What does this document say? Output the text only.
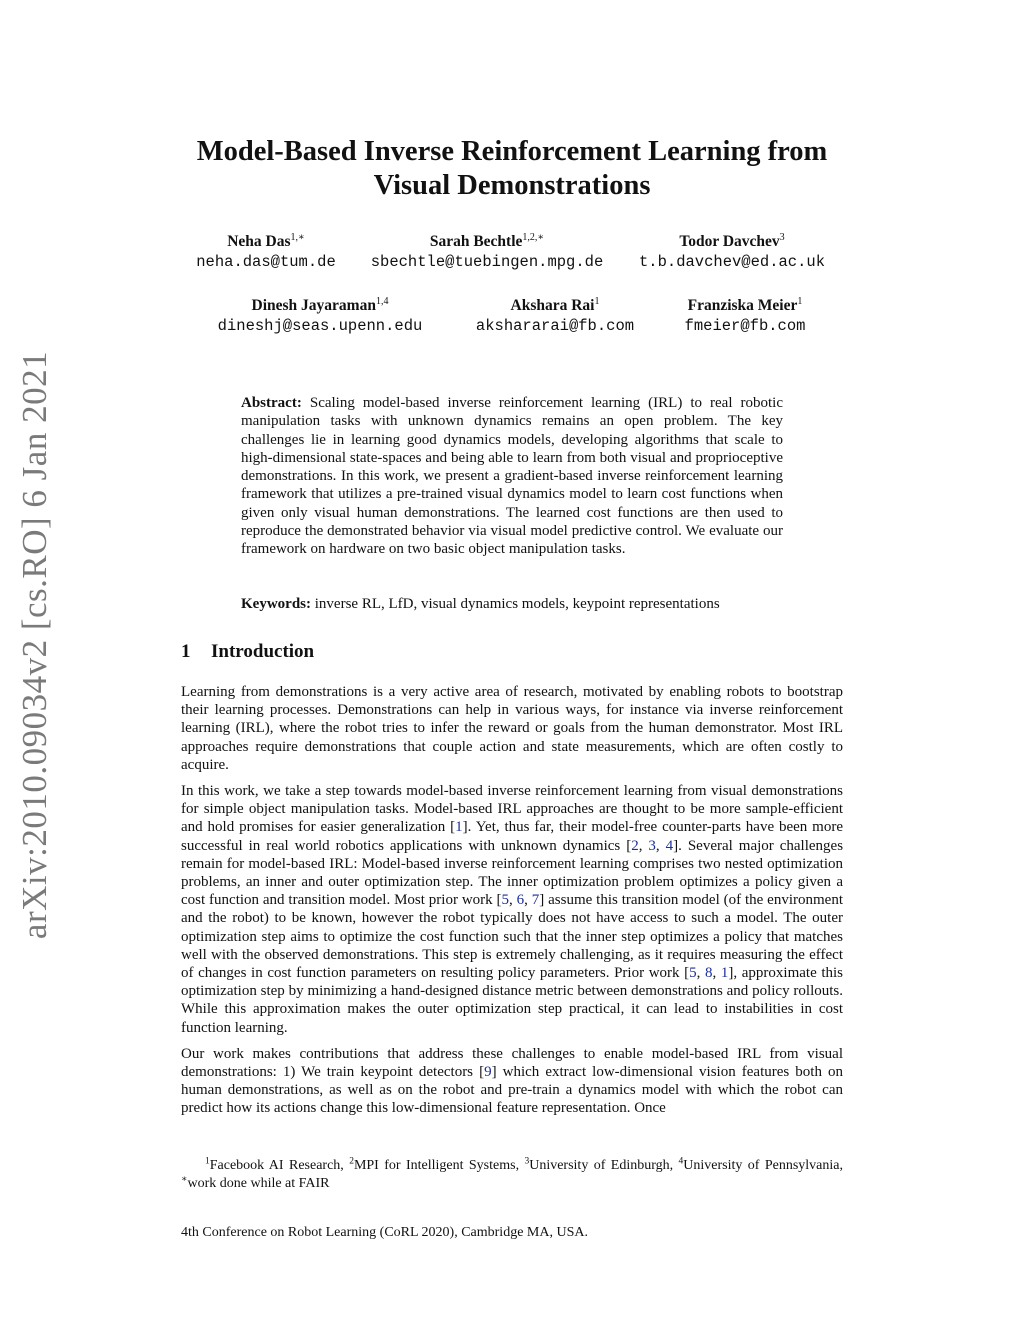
arXiv:2010.09034v2 [cs.RO] 6 Jan 2021
Model-Based Inverse Reinforcement Learning from
Visual Demonstrations
Neha Das$^{1,∗}$
neha.das@tum.de
Sarah Bechtle$^{1,2,∗}$
sbechtle@tuebingen.mpg.de
Todor Davchev$^3$
t.b.davchev@ed.ac.uk
Dinesh Jayaraman$^{1,4}$
dineshj@seas.upenn.edu
Akshara Rai$^1$
akshararai@fb.com
Franziska Meier$^1$
fmeier@fb.com
Abstract: Scaling model-based inverse reinforcement learning (IRL) to real robotic manipulation tasks with unknown dynamics remains an open problem. The key challenges lie in learning good dynamics models, developing algorithms that scale to high-dimensional state-spaces and being able to learn from both visual and proprioceptive demonstrations. In this work, we present a gradient-based inverse reinforcement learning framework that utilizes a pre-trained visual dynamics model to learn cost functions when given only visual human demonstrations. The learned cost functions are then used to reproduce the demonstrated behavior via visual model predictive control. We evaluate our framework on hardware on two basic object manipulation tasks.
Keywords: inverse RL, LfD, visual dynamics models, keypoint representations
1 Introduction

Learning from demonstrations is a very active area of research, motivated by enabling robots to bootstrap their learning processes. Demonstrations can help in various ways, for instance via inverse reinforcement learning (IRL), where the robot tries to infer the reward or goals from the human demonstrator. Most IRL approaches require demonstrations that couple action and state measurements, which are often costly to acquire.

In this work, we take a step towards model-based inverse reinforcement learning from visual demonstrations for simple object manipulation tasks. Model-based IRL approaches are thought to be more sample-efficient and hold promises for easier generalization [1]. Yet, thus far, their model-free counter-parts have been more successful in real world robotics applications with unknown dynamics [2, 3, 4]. Several major challenges remain for model-based IRL: Model-based inverse reinforcement learning comprises two nested optimization problems, an inner and outer optimization step. The inner optimization problem optimizes a policy given a cost function and transition model. Most prior work [5, 6, 7] assume this transition model (of the environment and the robot) to be known, however the robot typically does not have access to such a model. The outer optimization step aims to optimize the cost function such that the inner step optimizes a policy that matches well with the observed demonstrations. This step is extremely challenging, as it requires measuring the effect of changes in cost function parameters on resulting policy parameters. Prior work [5, 8, 1], approximate this optimization step by minimizing a hand-designed distance metric between demonstrations and policy rollouts. While this approximation makes the outer optimization step practical, it can lead to instabilities in cost function learning.

Our work makes contributions that address these challenges to enable model-based IRL from visual demonstrations: 1) We train keypoint detectors [9] which extract low-dimensional vision features both on human demonstrations, as well as on the robot and pre-train a dynamics model with which the robot can predict how its actions change this low-dimensional feature representation. Once

$^1$Facebook AI Research, $^2$MPI for Intelligent Systems, $^3$University of Edinburgh, $^4$University of Pennsylvania, ∗work done while at FAIR
4th Conference on Robot Learning (CoRL 2020), Cambridge MA, USA.
